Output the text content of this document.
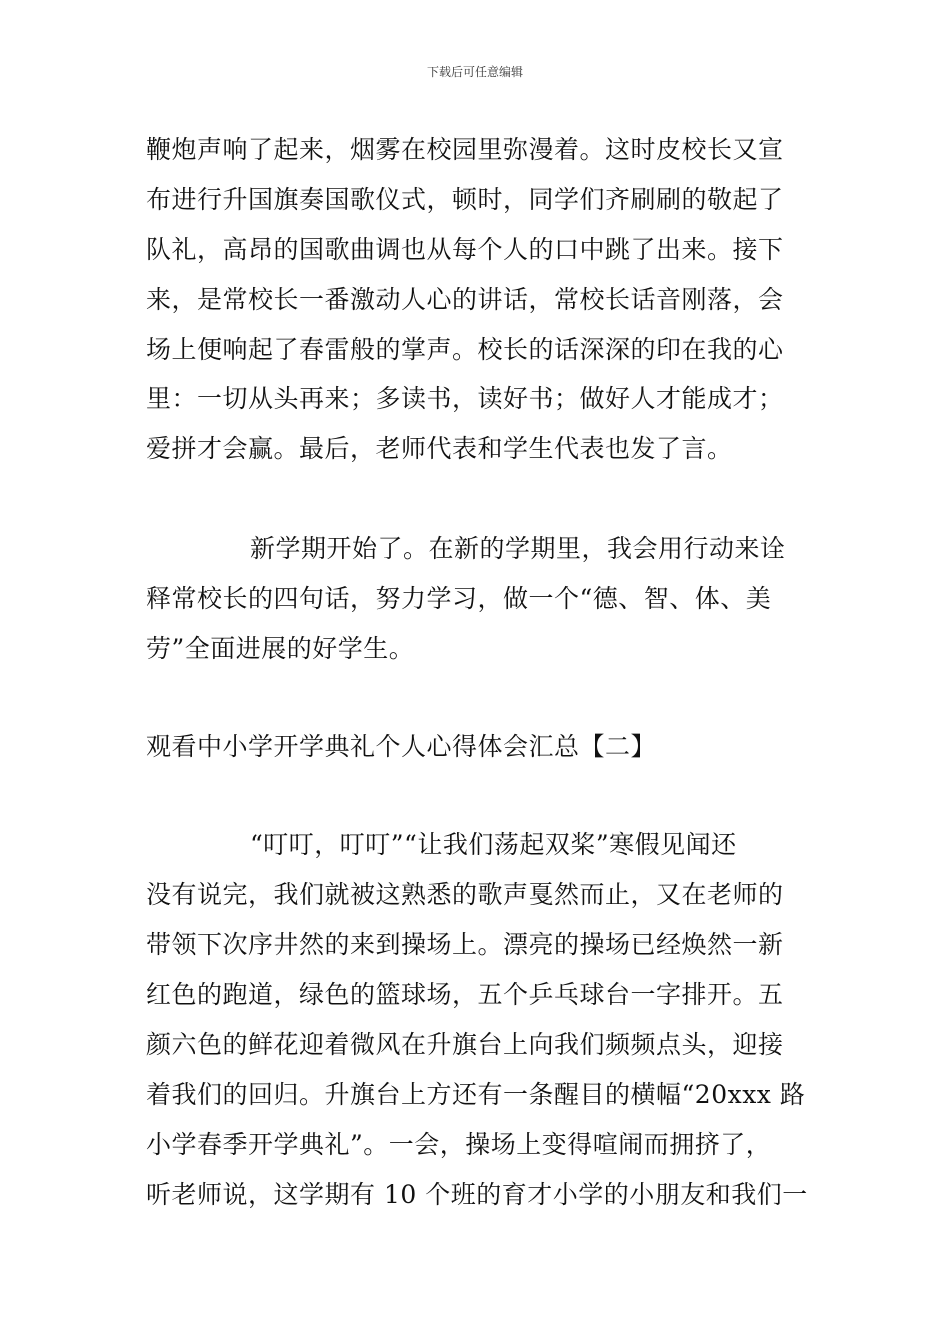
下载后可任意编辑
鞭炮声响了起来，烟雾在校园里弥漫着。这时皮校长又宣
布进行升国旗奏国歌仪式，顿时，同学们齐刷刷的敬起了
队礼，高昂的国歌曲调也从每个人的口中跳了出来。接下
来，是常校长一番激动人心的讲话，常校长话音刚落，会
场上便响起了春雷般的掌声。校长的话深深的印在我的心
里：一切从头再来；多读书，读好书；做好人才能成才；
爱拼才会赢。最后，老师代表和学生代表也发了言。
新学期开始了。在新的学期里，我会用行动来诠
释常校长的四句话，努力学习，做一个“德、智、体、美
劳”全面进展的好学生。
观看中小学开学典礼个人心得体会汇总【二】
“叮叮，叮叮”“让我们荡起双桨”寒假见闻还
没有说完，我们就被这熟悉的歌声戛然而止，又在老师的
带领下次序井然的来到操场上。漂亮的操场已经焕然一新
红色的跑道，绿色的篮球场，五个乒乓球台一字排开。五
颜六色的鲜花迎着微风在升旗台上向我们频频点头，迎接
着我们的回归。升旗台上方还有一条醒目的横幅“20xxx 路
小学春季开学典礼”。一会，操场上变得喧闹而拥挤了，
听老师说，这学期有 10 个班的育才小学的小朋友和我们一
